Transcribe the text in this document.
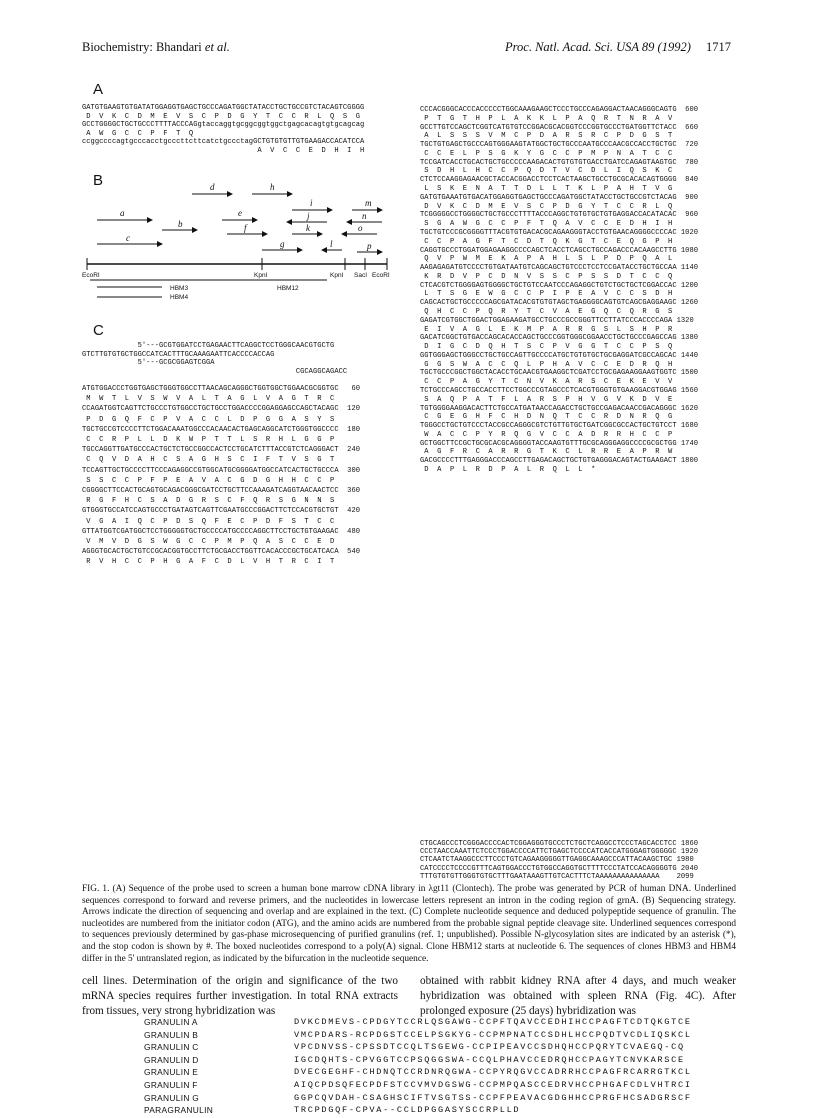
Biochemistry: Bhandari et al.	Proc. Natl. Acad. Sci. USA 89 (1992) 1717
A
GATGTGAAGTGTGATATGGAGGTGAGCTGCCCAGATGGCTATACCTGCTGCCGTCTACAGTCGGGG
D  V  K  C  D  M  E  V  S  C  P  D  G  Y  T  C  C  R  L  Q  S  G
GCCTGGGGCTGCTGCCCTTTTACCCAGgtaccaggtgcggcggtggctgagcacagtgtgcagcag
A  W  G  C  C  P  F  T  Q
ccggccccagtgcccacctgcccttcttcatctgccctagGCTGTGTGTTGTGAAGACCACATCCA
A  V  C  C  E  D  H  I  H
B	d	h
i	m
a	e	j	n
b	f	k	o
c
g	l	p
EcoRI	KpnI	KpnI SacI EcoRI
HBM3
HBM4
HBM12
C
5'---GCGTGGATCCTGAGAACTTCAGGCTCCTGGGCAACGTGCTG
GTCTTGTGTGCTGGCCATCACTTTGCAAAGAATTCACCCCACCAG
5'---GCGCGGAGTCGGA
CGCAGGCAGACC
ATGTGGACCCTGGTGAGCTGGGTGGCCTTAACAGCAGGGCTGGTGGCTGGAACGCGGTGC   60
M  W  T  L  V  S  W  V  A  L  T  A  G  L  V  A  G  T  R  C
CCAGATGGTCAGTTCTGCCCTGTGGCCTGCTGCCTGGACCCCGGAGGAGCCAGCTACAGC  120
P  D  G  Q  F  C  P  V  A  C  C  L  D  P  G  G  A  S  Y  S
TGCTGCCGTCCCCTTCTGGACAAATGGCCCACAACACTGAGCAGGCATCTGGGTGGCCCC  180
C  C  R  P  L  L  D  K  W  P  T  T  L  S  R  H  L  G  G  P
TGCCAGGTTGATGCCCACTGCTCTGCCGGCCACTCCTGCATCTTTACCGTCTCAGGGACT  240
C  Q  V  D  A  H  C  S  A  G  H  S  C  I  F  T  V  S  G  T
TCCAGTTGCTGCCCCTTCCCAGAGGCCGTGGCATGCGGGGATGGCCATCACTGCTGCCCA  300
S  S  C  C  P  F  P  E  A  V  A  C  G  D  G  H  H  C  C  P
CGGGGCTTCCACTGCAGTGCAGACGGGCGATCCTGCTTCCAAAGATCAGGTAACAACTCC  360
R  G  F  H  C  S  A  D  G  R  S  C  F  Q  R  S  G  N  N  S
GTGGGTGCCATCCAGTGCCCTGATAGTCAGTTCGAATGCCCGGACTTCTCCACGTGCTGT  420
V  G  A  I  Q  C  P  D  S  Q  F  E  C  P  D  F  S  T  C  C
GTTATGGTCGATGGCTCCTGGGGGTGCTGCCCCATGCCCCAGGCTTCCTGCTGTGAAGAC  480
V  M  V  D  G  S  W  G  C  C  P  M  P  Q  A  S  C  C  E  D
AGGGTGCACTGCTGTCCGCACGGTGCCTTCTGCGACCTGGTTCACACCCGCTGCATCACA  540
R  V  H  C  C  P  H  G  A  F  C  D  L  V  H  T  R  C  I  T
CCCACGGGCACCCACCCCCTGGCAAAGAAGCTCCCTGCCCAGAGGACTAACAGGGCAGTG  600
P  T  G  T  H  P  L  A  K  K  L  P  A  Q  R  T  N  R  A  V
GCCTTGTCCAGCTCGGTCATGTGTCCGGACGCACGGTCCCGGTGCCCTGATGGTTCTACC  660
A  L  S  S  S  V  M  C  P  D  A  R  S  R  C  P  D  G  S  T
TGCTGTGAGCTGCCCAGTGGGAAGTATGGCTGCTGCCCAATGCCCAACGCCACCTGCTGC  720
C  C  E  L  P  S  G  K  Y  G  C  C  P  M  P  N  A  T  C  C
TCCGATCACCTGCACTGCTGCCCCCAAGACACTGTGTGTGACCTGATCCAGAGTAAGTGC  780
S  D  H  L  H  C  C  P  Q  D  T  V  C  D  L  I  Q  S  K  C
CTCTCCAAGGAGAACGCTACCACGGACCTCCTCACTAAGCTGCCTGCGCACACAGTGGGG  840
L  S  K  E  N  A  T  T  D  L  L  T  K  L  P  A  H  T  V  G
GATGTGAAATGTGACATGGAGGTGAGCTGCCCAGATGGCTATACCTGCTGCCGTCTACAG  900
D  V  K  C  D  M  E  V  S  C  P  D  G  Y  T  C  C  R  L  Q
TCGGGGGCCTGGGGCTGCTGCCCTTTTACCCAGGCTGTGTGCTGTGAGGACCACATACAC  960
S  G  A  W  G  C  C  P  F  T  Q  A  V  C  C  E  D  H  I  H
TGCTGTCCCGCGGGGTTTACGTGTGACACGCAGAAGGGTACCTGTGAACAGGGGCCCCAC 1020
C  C  P  A  G  F  T  C  D  T  Q  K  G  T  C  E  Q  G  P  H
CAGGTGCCCTGGATGGAGAAGGCCCCAGCTCACCTCAGCCTGCCAGACCCACAAGCCTTG 1080
Q  V  P  W  M  E  K  A  P  A  H  L  S  L  P  D  P  Q  A  L
AAGAGAGATGTCCCCTGTGATAATGTCAGCAGCTGTCCCTCCTCCGATACCTGCTGCCAA 1140
K  R  D  V  P  C  D  N  V  S  S  C  P  S  S  D  T  C  C  Q
CTCACGTCTGGGGAGTGGGGCTGCTGTCCAATCCCAGAGGCTGTCTGCTGCTCGGACCAC 1200
L  T  S  G  E  W  G  C  C  P  I  P  E  A  V  C  C  S  D  H
CAGCACTGCTGCCCCCAGCGATACACGTGTGTAGCTGAGGGGCAGTGTCAGCGAGGAAGC 1260
Q  H  C  C  P  Q  R  Y  T  C  V  A  E  G  Q  C  Q  R  G  S
GAGATCGTGGCTGGACTGGAGAAGATGCCTGCCCGCCGGGTTCCTTATCCCACCCCAGA 1320
E  I  V  A  G  L  E  K  M  P  A  R  R  G  S  L  S  H  P  R
GACATCGGCTGTGACCAGCACACCAGCTGCCCGGTGGGCGGAACCTGCTGCCCGAGCCAG 1380
D  I  G  C  D  Q  H  T  S  C  P  V  G  G  T  C  C  P  S  Q
GGTGGGAGCTGGGCCTGCTGCCAGTTGCCCCATGCTGTGTGCTGCGAGGATCGCCAGCAC 1440
G  G  S  W  A  C  C  Q  L  P  H  A  V  C  C  E  D  R  Q  H
TGCTGCCCGGCTGGCTACACCTGCAACGTGAAGGCTCGATCCTGCGAGAAGGAAGTGGTC 1500
C  C  P  A  G  Y  T  C  N  V  K  A  R  S  C  E  K  E  V  V
TCTGCCCAGCCTGCCACCTTCCTGGCCCGTAGCCCTCACGTGGGTGTGAAGGACGTGGAG 1560
S  A  Q  P  A  T  F  L  A  R  S  P  H  V  G  V  K  D  V  E
TGTGGGGAAGGACACTTCTGCCATGATAACCAGACCTGCTGCCGAGACAACCGACAGGGC 1620
C  G  E  G  H  F  C  H  D  N  Q  T  C  C  R  D  N  R  Q  G
TGGGCCTGCTGTCCCTACCGCCAGGGCGTCTGTTGTGCTGATCGGCGCCACTGCTGTCCT 1680
W  A  C  C  P  Y  R  Q  G  V  C  C  A  D  R  R  H  C  C  P
GCTGGCTTCCGCTGCGCACGCAGGGGTACCAAGTGTTTGCGCAGGGAGGCCCCGCGCTGG 1740
A  G  F  R  C  A  R  R  G  T  K  C  L  R  R  E  A  P  R  W
GACGCCCCTTTGAGGGACCCAGCCTTGAGACAGCTGCTGTGAGGGACAGTACTGAAGACT 1800
D  A  P  L  R  D  P  A  L  R  Q  L  L  *
CTGCAGCCCTCGGGACCCCACTCGGAGGGTGCCCTCTGCTCAGGCCTCCCTAGCACCTCC 1860
CCCTAACCAAATTCTCCCTGGACCCCATTCTGAGCTCCCCATCACCATGGGAGTGGGGGC 1920
CTCAATCTAAGGCCCTTCCCTGTCAGAAGGGGGTTGAGGCAAAGCCCATTACAAGCTGC 1980
CATCCCCTCCCCGTTTCAGTGGACCCTGTGGCCAGGTGCTTTTCCCTATCCACAGGGGTG 2040
TTTGTGTGTTGGGTGTGCTTTGAATAAAGTTGTCACTTTCTAAAAAAAAAAAAAAA    2099
FIG. 1. (A) Sequence of the probe used to screen a human bone marrow cDNA library in λgt11 (Clontech). The probe was generated by PCR of human DNA. Underlined sequences correspond to forward and reverse primers, and the nucleotides in lowercase letters represent an intron in the coding region of grnA. (B) Sequencing strategy. Arrows indicate the direction of sequencing and overlap and are explained in the text. (C) Complete nucleotide sequence and deduced polypeptide sequence of granulin. The nucleotides are numbered from the initiator codon (ATG), and the amino acids are numbered from the probable signal peptide cleavage site. Underlined sequences correspond to sequences previously determined by gas-phase microsequencing of purified granulins (ref. 1; unpublished). Possible N-glycosylation sites are indicated by an asterisk (*), and the stop codon is shown by #. The boxed nucleotides correspond to a poly(A) signal. Clone HBM12 starts at nucleotide 6. The sequences of clones HBM3 and HBM4 differ in the 5' untranslated region, as indicated by the bifurcation in the nucleotide sequence.
cell lines. Determination of the origin and significance of the two mRNA species requires further investigation. In total RNA extracts from tissues, very strong hybridization was
obtained with rabbit kidney RNA after 4 days, and much weaker hybridization was obtained with spleen RNA (Fig. 4C). After prolonged exposure (25 days) hybridization was
GRANULIN A	DVKCDMEVS-CPDGYTCCRLQSGAWG-CCPFTQAVCCEDHIHCCPAGFTCDTQKGTCE
GRANULIN B	VMCPDARS-RCPDGSTCCELPSGKYG-CCPMPNATCCSDHLHCCPQDTVCDLIQSKCL
GRANULIN C	VPCDNVSS-CPSSDTCCQLTSGEWG-CCPIPEAVCCSDHQHCCPQRYTCVAEGQ-CQ
GRANULIN D	IGCDQHTS-CPVGGTCCPSQGGSWA-CCQLPHAVCCEDRQHCCPAGYTCNVKARSCE
GRANULIN E	DVECGEGHF-CHDNQTCCRDNRQGWA-CCPYRQGVCCADRRHCCPAGFRCARRGTKCL
GRANULIN F	AIQCPDSQFECPDFSTCCVMVDGSWG-CCPMPQASCCEDRVHCCPHGAFCDLVHTRCI
GRANULIN G	GGPCQVDAH-CSAGHSCIFTVSGTSS-CCPFPEAVACGDGHHCCPRGFHCSADGRSCF
PARAGRANULIN	TRCPDGQF-CPVA--CCLDPGGASYSCCRPLLD
